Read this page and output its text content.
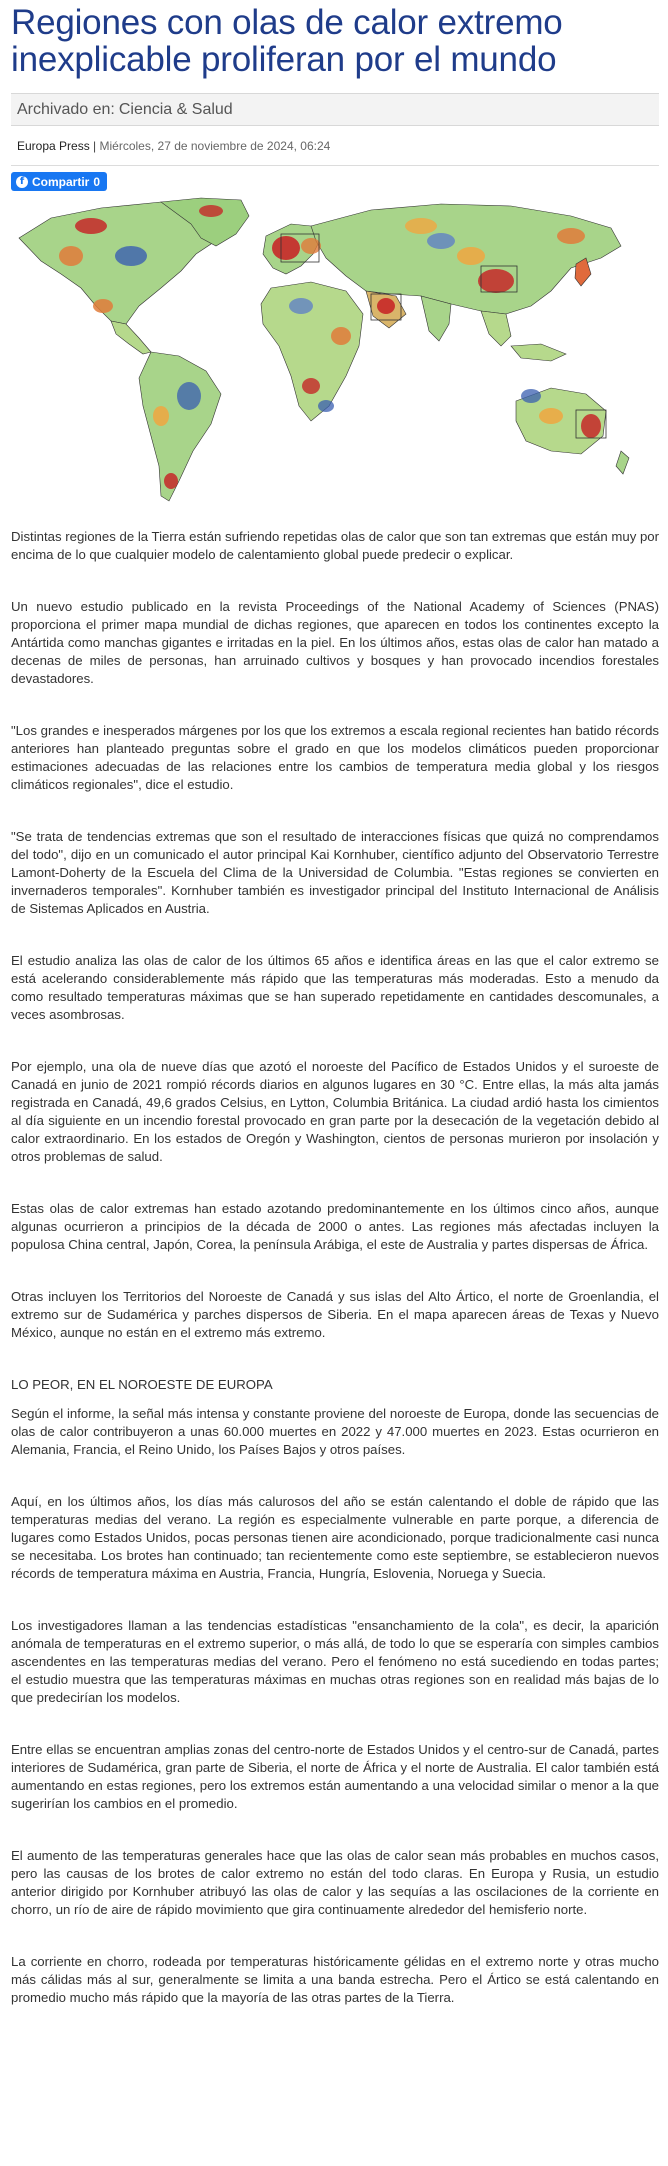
Regiones con olas de calor extremo inexplicable proliferan por el mundo
Archivado en: Ciencia & Salud
Europa Press | Miércoles, 27 de noviembre de 2024, 06:24
f Compartir 0

Distintas regiones de la Tierra están sufriendo repetidas olas de calor que son tan extremas que están muy por encima de lo que cualquier modelo de calentamiento global puede predecir o explicar.

Un nuevo estudio publicado en la revista Proceedings of the National Academy of Sciences (PNAS) proporciona el primer mapa mundial de dichas regiones, que aparecen en todos los continentes excepto la Antártida como manchas gigantes e irritadas en la piel. En los últimos años, estas olas de calor han matado a decenas de miles de personas, han arruinado cultivos y bosques y han provocado incendios forestales devastadores.

"Los grandes e inesperados márgenes por los que los extremos a escala regional recientes han batido récords anteriores han planteado preguntas sobre el grado en que los modelos climáticos pueden proporcionar estimaciones adecuadas de las relaciones entre los cambios de temperatura media global y los riesgos climáticos regionales", dice el estudio.

"Se trata de tendencias extremas que son el resultado de interacciones físicas que quizá no comprendamos del todo", dijo en un comunicado el autor principal Kai Kornhuber, científico adjunto del Observatorio Terrestre Lamont-Doherty de la Escuela del Clima de la Universidad de Columbia. "Estas regiones se convierten en invernaderos temporales". Kornhuber también es investigador principal del Instituto Internacional de Análisis de Sistemas Aplicados en Austria.

El estudio analiza las olas de calor de los últimos 65 años e identifica áreas en las que el calor extremo se está acelerando considerablemente más rápido que las temperaturas más moderadas. Esto a menudo da como resultado temperaturas máximas que se han superado repetidamente en cantidades descomunales, a veces asombrosas.

Por ejemplo, una ola de nueve días que azotó el noroeste del Pacífico de Estados Unidos y el suroeste de Canadá en junio de 2021 rompió récords diarios en algunos lugares en 30 °C. Entre ellas, la más alta jamás registrada en Canadá, 49,6 grados Celsius, en Lytton, Columbia Británica. La ciudad ardió hasta los cimientos al día siguiente en un incendio forestal provocado en gran parte por la desecación de la vegetación debido al calor extraordinario. En los estados de Oregón y Washington, cientos de personas murieron por insolación y otros problemas de salud.

Estas olas de calor extremas han estado azotando predominantemente en los últimos cinco años, aunque algunas ocurrieron a principios de la década de 2000 o antes. Las regiones más afectadas incluyen la populosa China central, Japón, Corea, la península Arábiga, el este de Australia y partes dispersas de África.

Otras incluyen los Territorios del Noroeste de Canadá y sus islas del Alto Ártico, el norte de Groenlandia, el extremo sur de Sudamérica y parches dispersos de Siberia. En el mapa aparecen áreas de Texas y Nuevo México, aunque no están en el extremo más extremo.

LO PEOR, EN EL NOROESTE DE EUROPA

Según el informe, la señal más intensa y constante proviene del noroeste de Europa, donde las secuencias de olas de calor contribuyeron a unas 60.000 muertes en 2022 y 47.000 muertes en 2023. Estas ocurrieron en Alemania, Francia, el Reino Unido, los Países Bajos y otros países.

Aquí, en los últimos años, los días más calurosos del año se están calentando el doble de rápido que las temperaturas medias del verano. La región es especialmente vulnerable en parte porque, a diferencia de lugares como Estados Unidos, pocas personas tienen aire acondicionado, porque tradicionalmente casi nunca se necesitaba. Los brotes han continuado; tan recientemente como este septiembre, se establecieron nuevos récords de temperatura máxima en Austria, Francia, Hungría, Eslovenia, Noruega y Suecia.

Los investigadores llaman a las tendencias estadísticas "ensanchamiento de la cola", es decir, la aparición anómala de temperaturas en el extremo superior, o más allá, de todo lo que se esperaría con simples cambios ascendentes en las temperaturas medias del verano. Pero el fenómeno no está sucediendo en todas partes; el estudio muestra que las temperaturas máximas en muchas otras regiones son en realidad más bajas de lo que predecirían los modelos.

Entre ellas se encuentran amplias zonas del centro-norte de Estados Unidos y el centro-sur de Canadá, partes interiores de Sudamérica, gran parte de Siberia, el norte de África y el norte de Australia. El calor también está aumentando en estas regiones, pero los extremos están aumentando a una velocidad similar o menor a la que sugerirían los cambios en el promedio.

El aumento de las temperaturas generales hace que las olas de calor sean más probables en muchos casos, pero las causas de los brotes de calor extremo no están del todo claras. En Europa y Rusia, un estudio anterior dirigido por Kornhuber atribuyó las olas de calor y las sequías a las oscilaciones de la corriente en chorro, un río de aire de rápido movimiento que gira continuamente alrededor del hemisferio norte.

La corriente en chorro, rodeada por temperaturas históricamente gélidas en el extremo norte y otras mucho más cálidas más al sur, generalmente se limita a una banda estrecha. Pero el Ártico se está calentando en promedio mucho más rápido que la mayoría de las otras partes de la Tierra.
